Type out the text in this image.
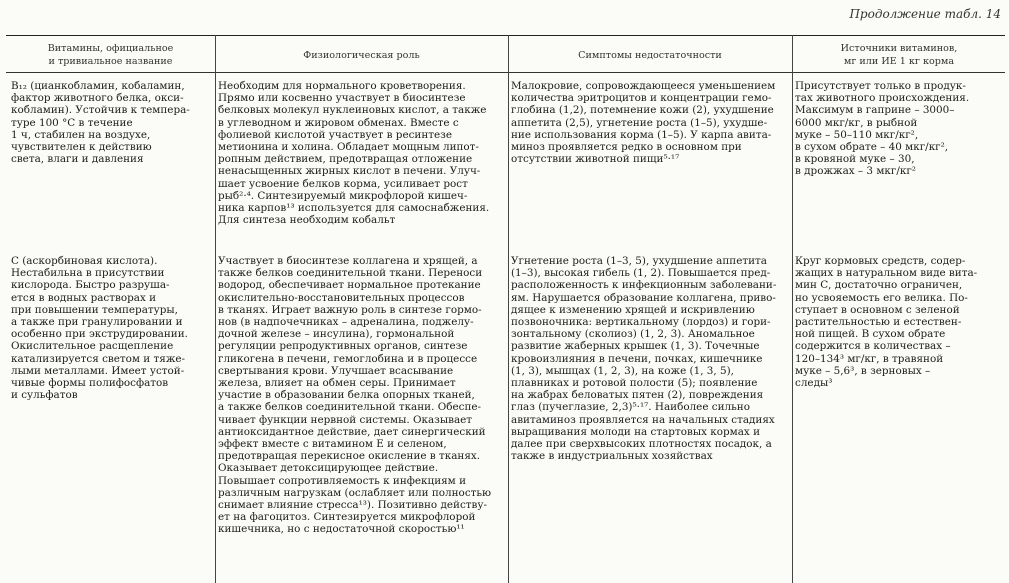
Продолжение табл. 14
Витамины, официальное
и тривиальное название
Физиологическая роль	Симптомы недостаточности
Источники витаминов,
мг или ИЕ 1 кг корма
B₁₂ (цианкобламин, кобаламин,
фактор животного белка, окси-
кобламин). Устойчив к темпера-
туре 100 °С в течение
1 ч, стабилен на воздухе,
чувствителен к действию
света, влаги и давления
Необходим для нормального кроветворения.
Прямо или косвенно участвует в биосинтезе
белковых молекул нуклеиновых кислот, а также
в углеводном и жировом обменах. Вместе с
фолиевой кислотой участвует в ресинтезе
метионина и холина. Обладает мощным липот-
ропным действием, предотвращая отложение
ненасыщенных жирных кислот в печени. Улуч-
шает усвоение белков корма, усиливает рост
рыб²·⁴. Синтезируемый микрофлорой кишеч-
ника карпов¹³ используется для самоснабжения.
Для синтеза необходим кобальт
Малокровие, сопровождающееся уменьшением
количества эритроцитов и концентрации гемо-
глобина (1,2), потемнение кожи (2), ухудшение
аппетита (2,5), угнетение роста (1–5), ухудше-
ние использования корма (1–5). У карпа авита-
миноз проявляется редко в основном при
отсутствии животной пищи⁵·¹⁷
Присутствует только в продук-
тах животного происхождения.
Максимум в гаприне – 3000–
6000 мкг/кг, в рыбной
муке – 50–110 мкг/кг²,
в сухом обрате – 40 мкг/кг²,
в кровяной муке – 30,
в дрожжах – 3 мкг/кг²
С (аскорбиновая кислота).
Нестабильна в присутствии
кислорода. Быстро разруша-
ется в водных растворах и
при повышении температуры,
а также при гранулировании и
особенно при экструдировании.
Окислительное расщепление
катализируется светом и тяже-
лыми металлами. Имеет устой-
чивые формы полифосфатов
и сульфатов
Участвует в биосинтезе коллагена и хрящей, а
также белков соединительной ткани. Переноси
водород, обеспечивает нормальное протекание
окислительно-восстановительных процессов
в тканях. Играет важную роль в синтезе гормо-
нов (в надпочечниках – адреналина, поджелу-
дочной железе – инсулина), гормональной
регуляции репродуктивных органов, синтезе
гликогена в печени, гемоглобина и в процессе
свертывания крови. Улучшает всасывание
железа, влияет на обмен серы. Принимает
участие в образовании белка опорных тканей,
а также белков соединительной ткани. Обеспе-
чивает функции нервной системы. Оказывает
антиоксидантное действие, дает синергический
эффект вместе с витамином Е и селеном,
предотвращая перекисное окисление в тканях.
Оказывает детоксицирующее действие.
Повышает сопротивляемость к инфекциям и
различным нагрузкам (ослабляет или полностью
снимает влияние стресса¹³). Позитивно действу-
ет на фагоцитоз. Синтезируется микрофлорой
кишечника, но с недостаточной скоростью¹¹
Угнетение роста (1–3, 5), ухудшение аппетита
(1–3), высокая гибель (1, 2). Повышается пред-
расположенность к инфекционным заболевани-
ям. Нарушается образование коллагена, приво-
дящее к изменению хрящей и искривлению
позвоночника: вертикальному (лордоз) и гори-
зонтальному (сколиоз) (1, 2, 3). Аномальное
развитие жаберных крышек (1, 3). Точечные
кровоизлияния в печени, почках, кишечнике
(1, 3), мышцах (1, 2, 3), на коже (1, 3, 5),
плавниках и ротовой полости (5); появление
на жабрах беловатых пятен (2), повреждения
глаз (пучеглазие, 2,3)⁵·¹⁷. Наиболее сильно
авитаминоз проявляется на начальных стадиях
выращивания молоди на стартовых кормах и
далее при сверхвысоких плотностях посадок, а
также в индустриальных хозяйствах
Круг кормовых средств, содер-
жащих в натуральном виде вита-
мин С, достаточно ограничен,
но усвояемость его велика. По-
ступает в основном с зеленой
растительностью и естествен-
ной пищей. В сухом обрате
содержится в количествах –
120–134³ мг/кг, в травяной
муке – 5,6³, в зерновых –
следы³
